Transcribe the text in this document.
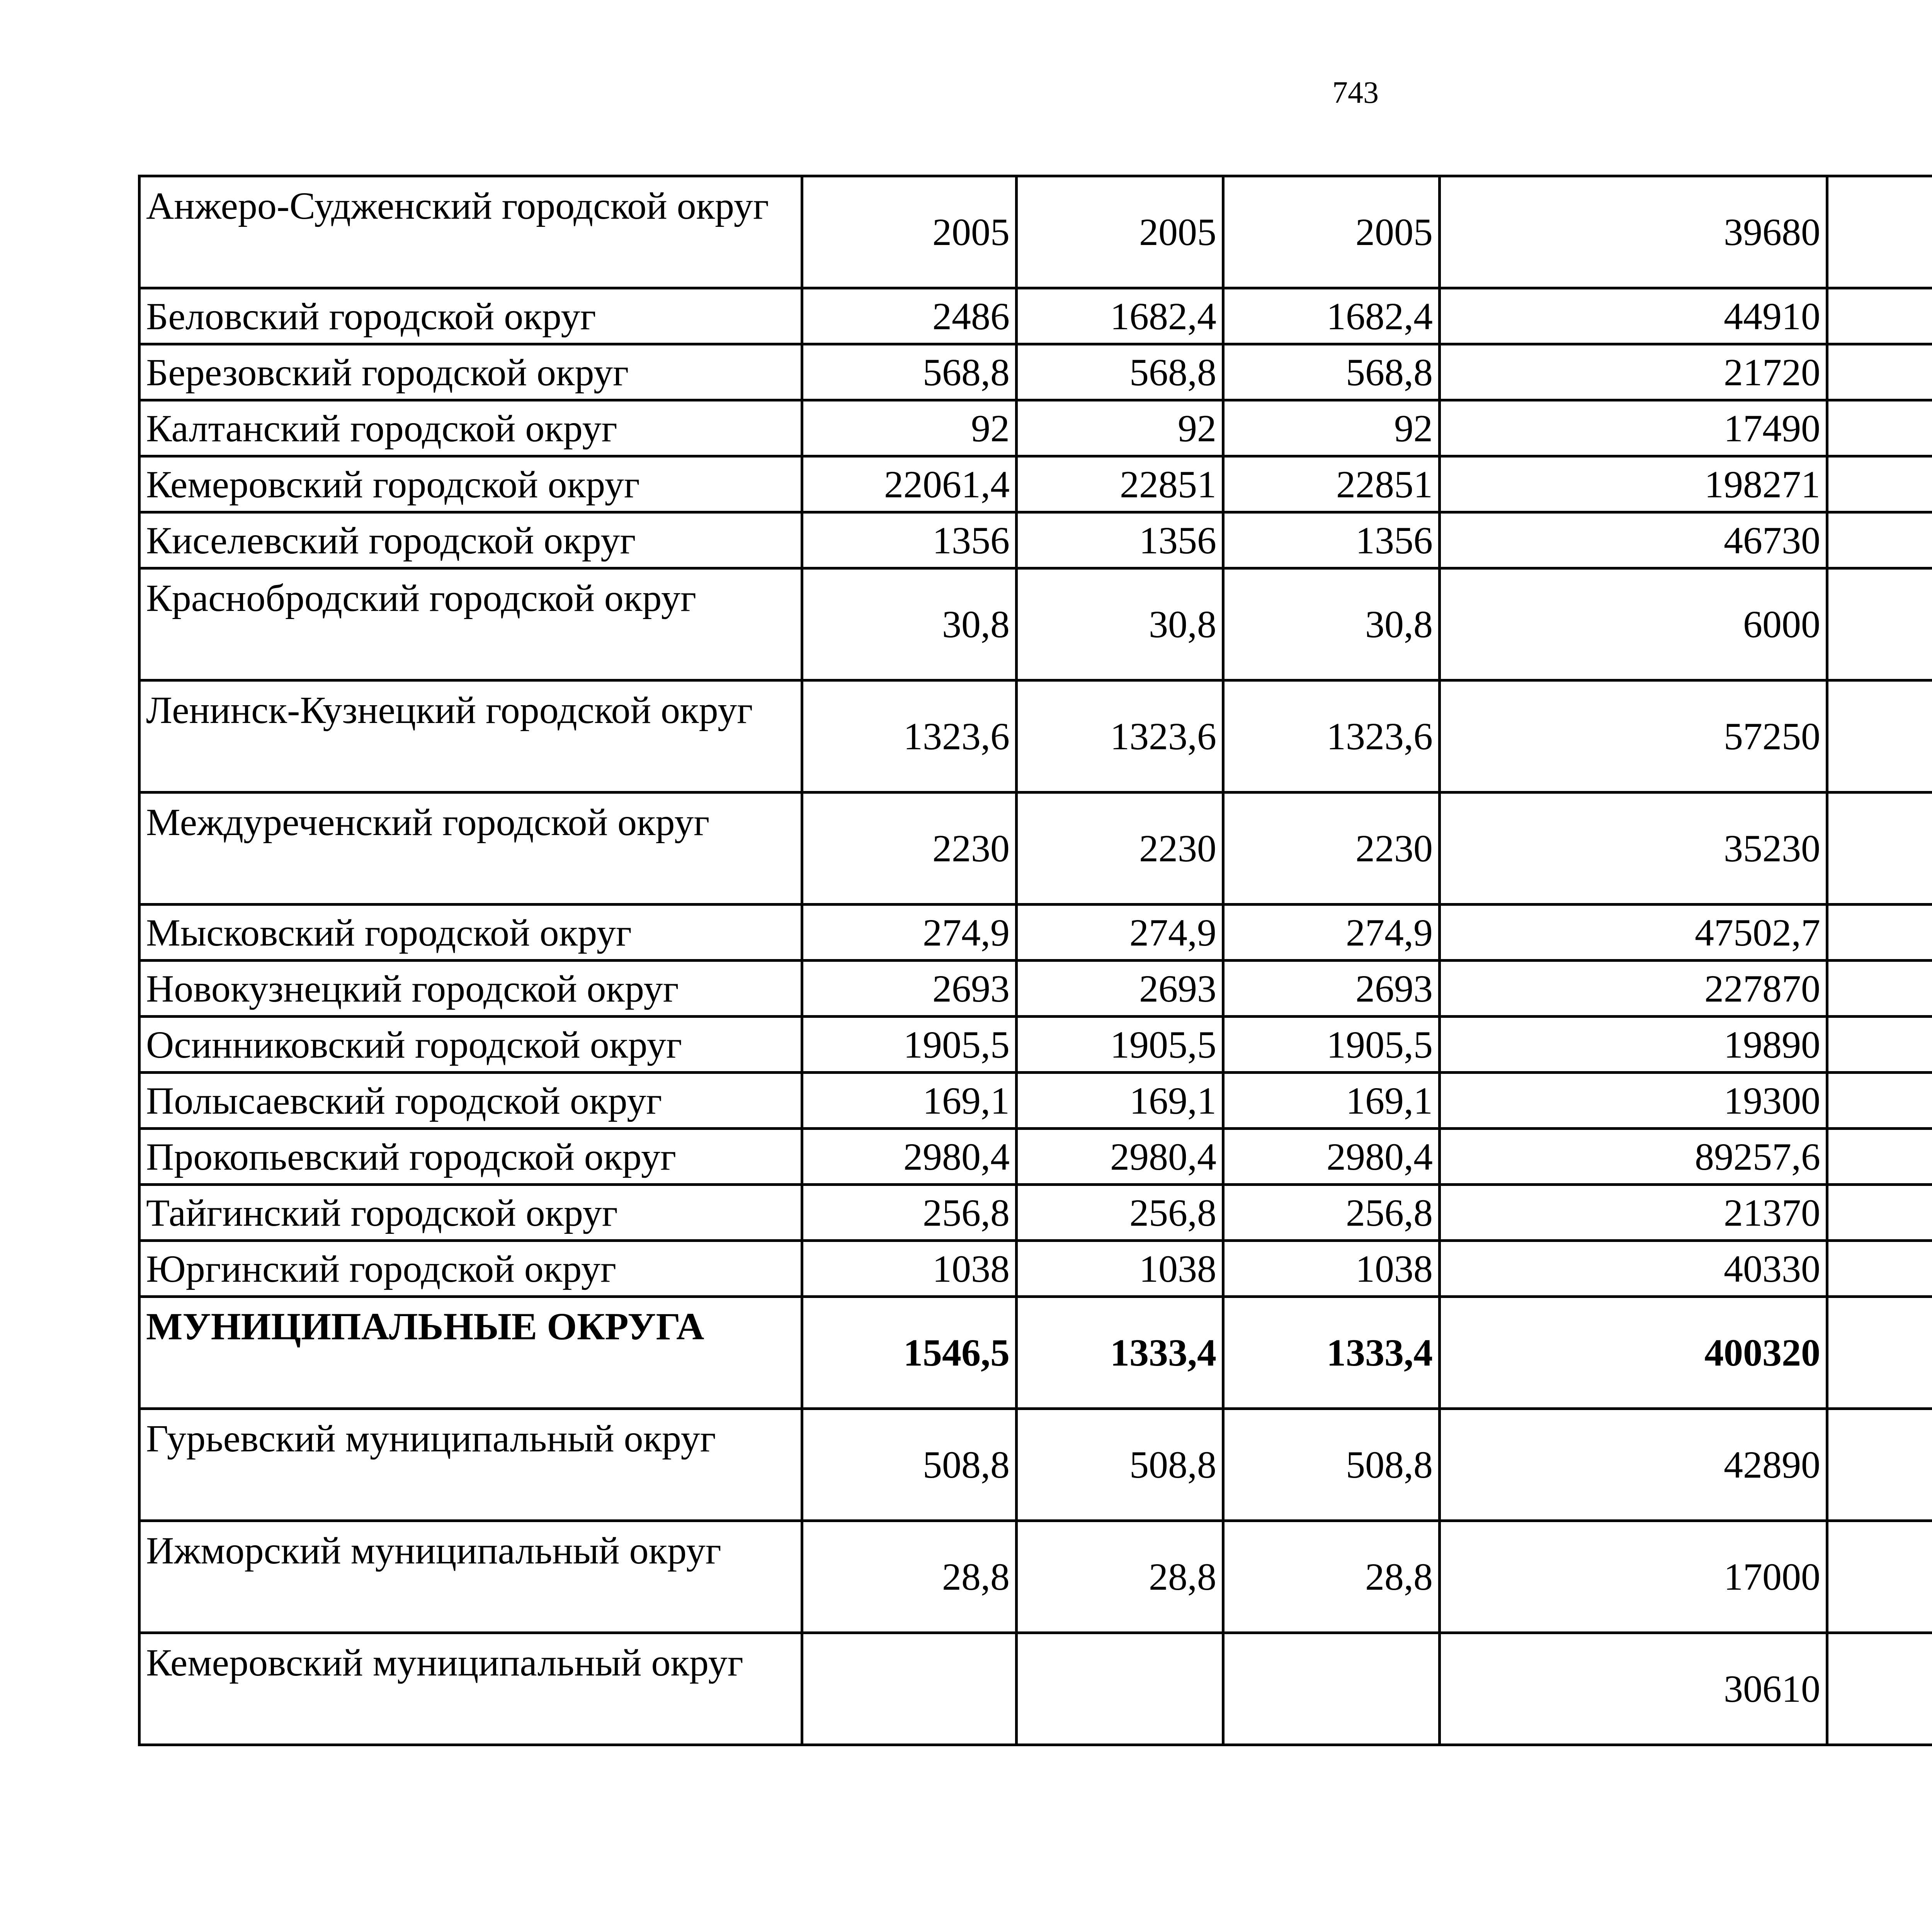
743
Анжеро-Судженский городской округ	2005	2005	2005	39680		
Беловский городской округ	2486	1682,4	1682,4	44910		
Березовский городской округ	568,8	568,8	568,8	21720		
Калтанский городской округ	92	92	92	17490		
Кемеровский городской округ	22061,4	22851	22851	198271		
Киселевский городской округ	1356	1356	1356	46730		
Краснобродский городской округ	30,8	30,8	30,8	6000		
Ленинск-Кузнецкий городской округ	1323,6	1323,6	1323,6	57250		
Междуреченский городской округ	2230	2230	2230	35230		
Мысковский городской округ	274,9	274,9	274,9	47502,7		
Новокузнецкий городской округ	2693	2693	2693	227870		
Осинниковский городской округ	1905,5	1905,5	1905,5	19890		
Полысаевский городской округ	169,1	169,1	169,1	19300		
Прокопьевский городской округ	2980,4	2980,4	2980,4	89257,6		
Тайгинский городской округ	256,8	256,8	256,8	21370		
Юргинский городской округ	1038	1038	1038	40330		
МУНИЦИПАЛЬНЫЕ ОКРУГА	1546,5	1333,4	1333,4	400320		
Гурьевский муниципальный округ	508,8	508,8	508,8	42890		
Ижморский муниципальный округ	28,8	28,8	28,8	17000		
Кемеровский муниципальный округ				30610		
